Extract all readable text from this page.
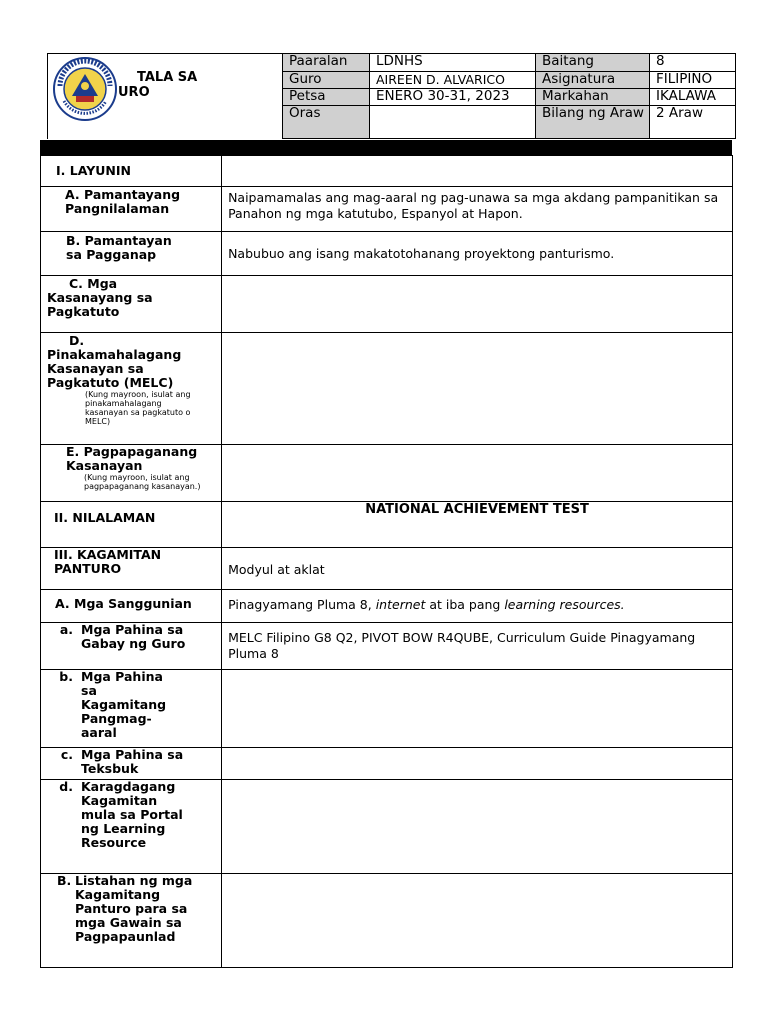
TALA SA
URO
Paaralan	LDNHS	Baitang	8
Guro	AIREEN D. ALVARICO	Asignatura	FILIPINO
Petsa	ENERO 30-31, 2023	Markahan	IKALAWA
Oras		Bilang ng Araw	2 Araw
I. LAYUNIN	

A. Pamantayang Pangnilalaman	Naipamamalas ang mag-aaral ng pag-unawa sa mga akdang pampanitikan sa Panahon ng mga katutubo, Espanyol at Hapon.

B. Pamantayan sa Pagganap	Nabubuo ang isang makatotohanang proyektong panturismo.

C. Mga Kasanayang sa Pagkatuto	

D. Pinakamahalagang Kasanayan sa Pagkatuto (MELC)
(Kung mayroon, isulat ang pinakamahalagang kasanayan sa pagkatuto o MELC)	

E. Pagpapaganang Kasanayan
(Kung mayroon, isulat ang pagpapaganang kasanayan.)	

II. NILALAMAN	NATIONAL ACHIEVEMENT TEST

III. KAGAMITAN PANTURO	Modyul at aklat
A. Mga Sanggunian	Pinagyamang Pluma 8, internet at iba pang learning resources.

a. Mga Pahina sa Gabay ng Guro	MELC Filipino G8 Q2, PIVOT BOW R4QUBE, Curriculum Guide Pinagyamang Pluma 8

b. Mga Pahina sa Kagamitang Pangmag-aaral	

c. Mga Pahina sa Teksbuk	

d. Karagdagang Kagamitan mula sa Portal ng Learning Resource	

B. Listahan ng mga Kagamitang Panturo para sa mga Gawain sa Pagpapaunlad	
